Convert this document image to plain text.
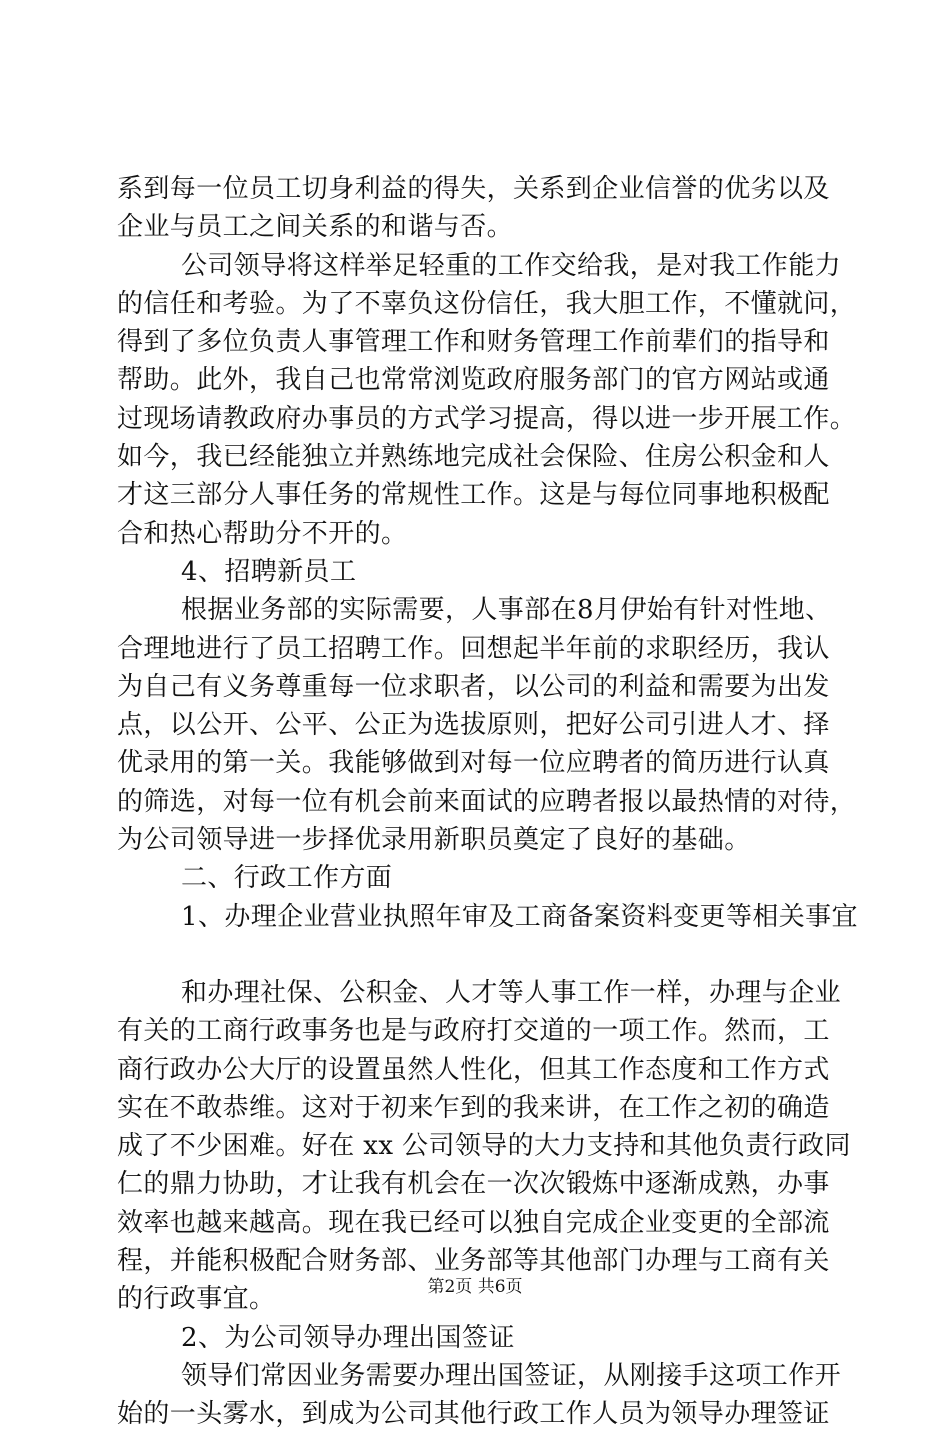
系到每一位员工切身利益的得失，关系到企业信誉的优劣以及
企业与员工之间关系的和谐与否。
公司领导将这样举足轻重的工作交给我，是对我工作能力
的信任和考验。为了不辜负这份信任，我大胆工作，不懂就问，
得到了多位负责人事管理工作和财务管理工作前辈们的指导和
帮助。此外，我自己也常常浏览政府服务部门的官方网站或通
过现场请教政府办事员的方式学习提高，得以进一步开展工作。
如今，我已经能独立并熟练地完成社会保险、住房公积金和人
才这三部分人事任务的常规性工作。这是与每位同事地积极配
合和热心帮助分不开的。
4、招聘新员工
根据业务部的实际需要，人事部在8月伊始有针对性地、
合理地进行了员工招聘工作。回想起半年前的求职经历，我认
为自己有义务尊重每一位求职者，以公司的利益和需要为出发
点，以公开、公平、公正为选拔原则，把好公司引进人才、择
优录用的第一关。我能够做到对每一位应聘者的简历进行认真
的筛选，对每一位有机会前来面试的应聘者报以最热情的对待，
为公司领导进一步择优录用新职员奠定了良好的基础。
二、行政工作方面
1、办理企业营业执照年审及工商备案资料变更等相关事宜
和办理社保、公积金、人才等人事工作一样，办理与企业
有关的工商行政事务也是与政府打交道的一项工作。然而，工
商行政办公大厅的设置虽然人性化，但其工作态度和工作方式
实在不敢恭维。这对于初来乍到的我来讲，在工作之初的确造
成了不少困难。好在 xx 公司领导的大力支持和其他负责行政同
仁的鼎力协助，才让我有机会在一次次锻炼中逐渐成熟，办事
效率也越来越高。现在我已经可以独自完成企业变更的全部流
程，并能积极配合财务部、业务部等其他部门办理与工商有关
的行政事宜。
2、为公司领导办理出国签证
领导们常因业务需要办理出国签证，从刚接手这项工作开
始的一头雾水，到成为公司其他行政工作人员为领导办理签证
第2页 共6页
